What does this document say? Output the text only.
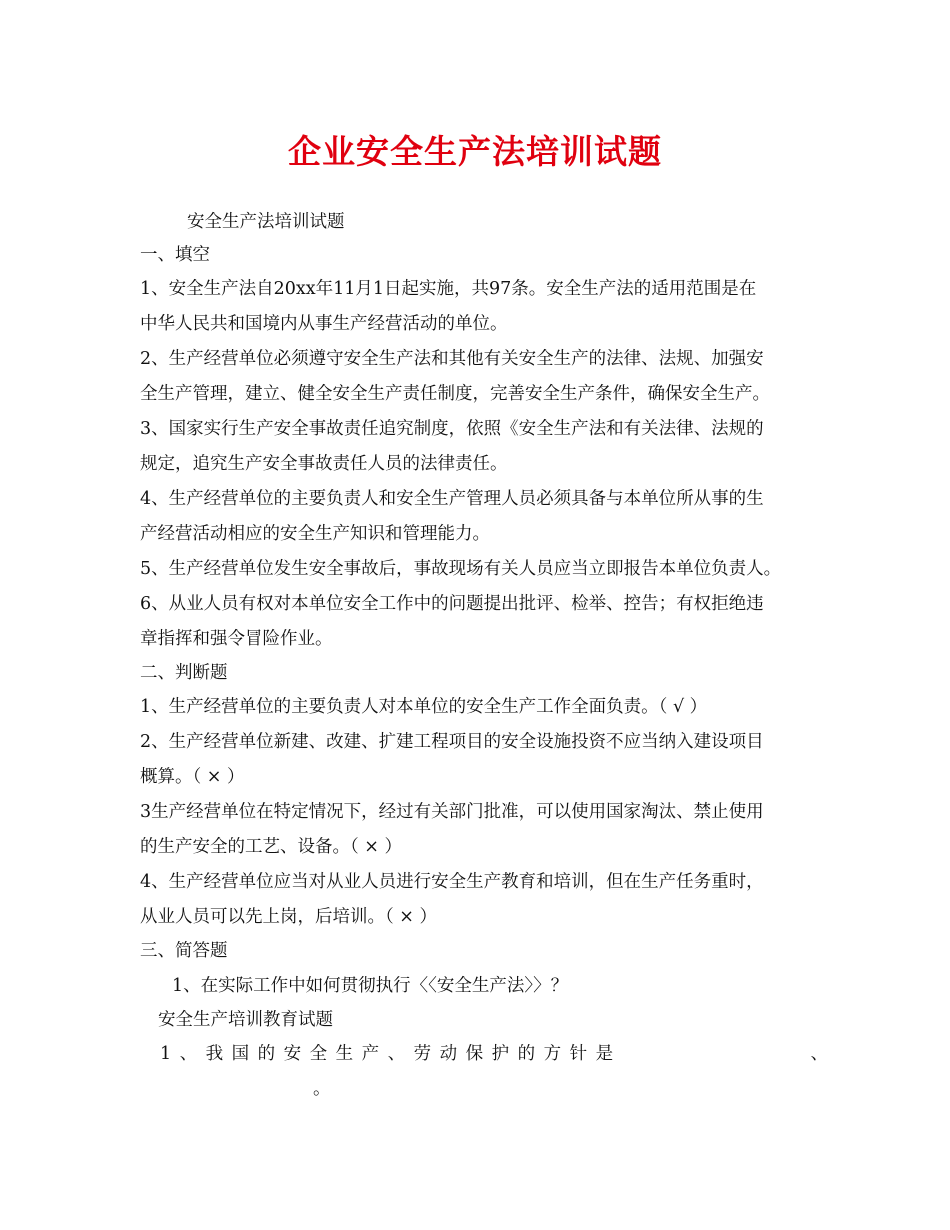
企业安全生产法培训试题
安全生产法培训试题
一、填空
1、安全生产法自20xx年11月1日起实施，共97条。安全生产法的适用范围是在
中华人民共和国境内从事生产经营活动的单位。
2、生产经营单位必须遵守安全生产法和其他有关安全生产的法律、法规、加强安
全生产管理，建立、健全安全生产责任制度，完善安全生产条件，确保安全生产。
3、国家实行生产安全事故责任追究制度，依照《安全生产法和有关法律、法规的
规定，追究生产安全事故责任人员的法律责任。
4、生产经营单位的主要负责人和安全生产管理人员必须具备与本单位所从事的生
产经营活动相应的安全生产知识和管理能力。
5、生产经营单位发生安全事故后，事故现场有关人员应当立即报告本单位负责人。
6、从业人员有权对本单位安全工作中的问题提出批评、检举、控告；有权拒绝违
章指挥和强令冒险作业。
二、判断题
1、生产经营单位的主要负责人对本单位的安全生产工作全面负责。（ √ ）
2、生产经营单位新建、改建、扩建工程项目的安全设施投资不应当纳入建设项目
概算。（ × ）
3生产经营单位在特定情况下，经过有关部门批准，可以使用国家淘汰、禁止使用
的生产安全的工艺、设备。（ × ）
4、生产经营单位应当对从业人员进行安全生产教育和培训，但在生产任务重时，
从业人员可以先上岗，后培训。（ × ）
三、简答题
1、在实际工作中如何贯彻执行〈〈安全生产法〉〉？
安全生产培训教育试题
1、我国的安全生产、劳动保护的方针是	、
。
